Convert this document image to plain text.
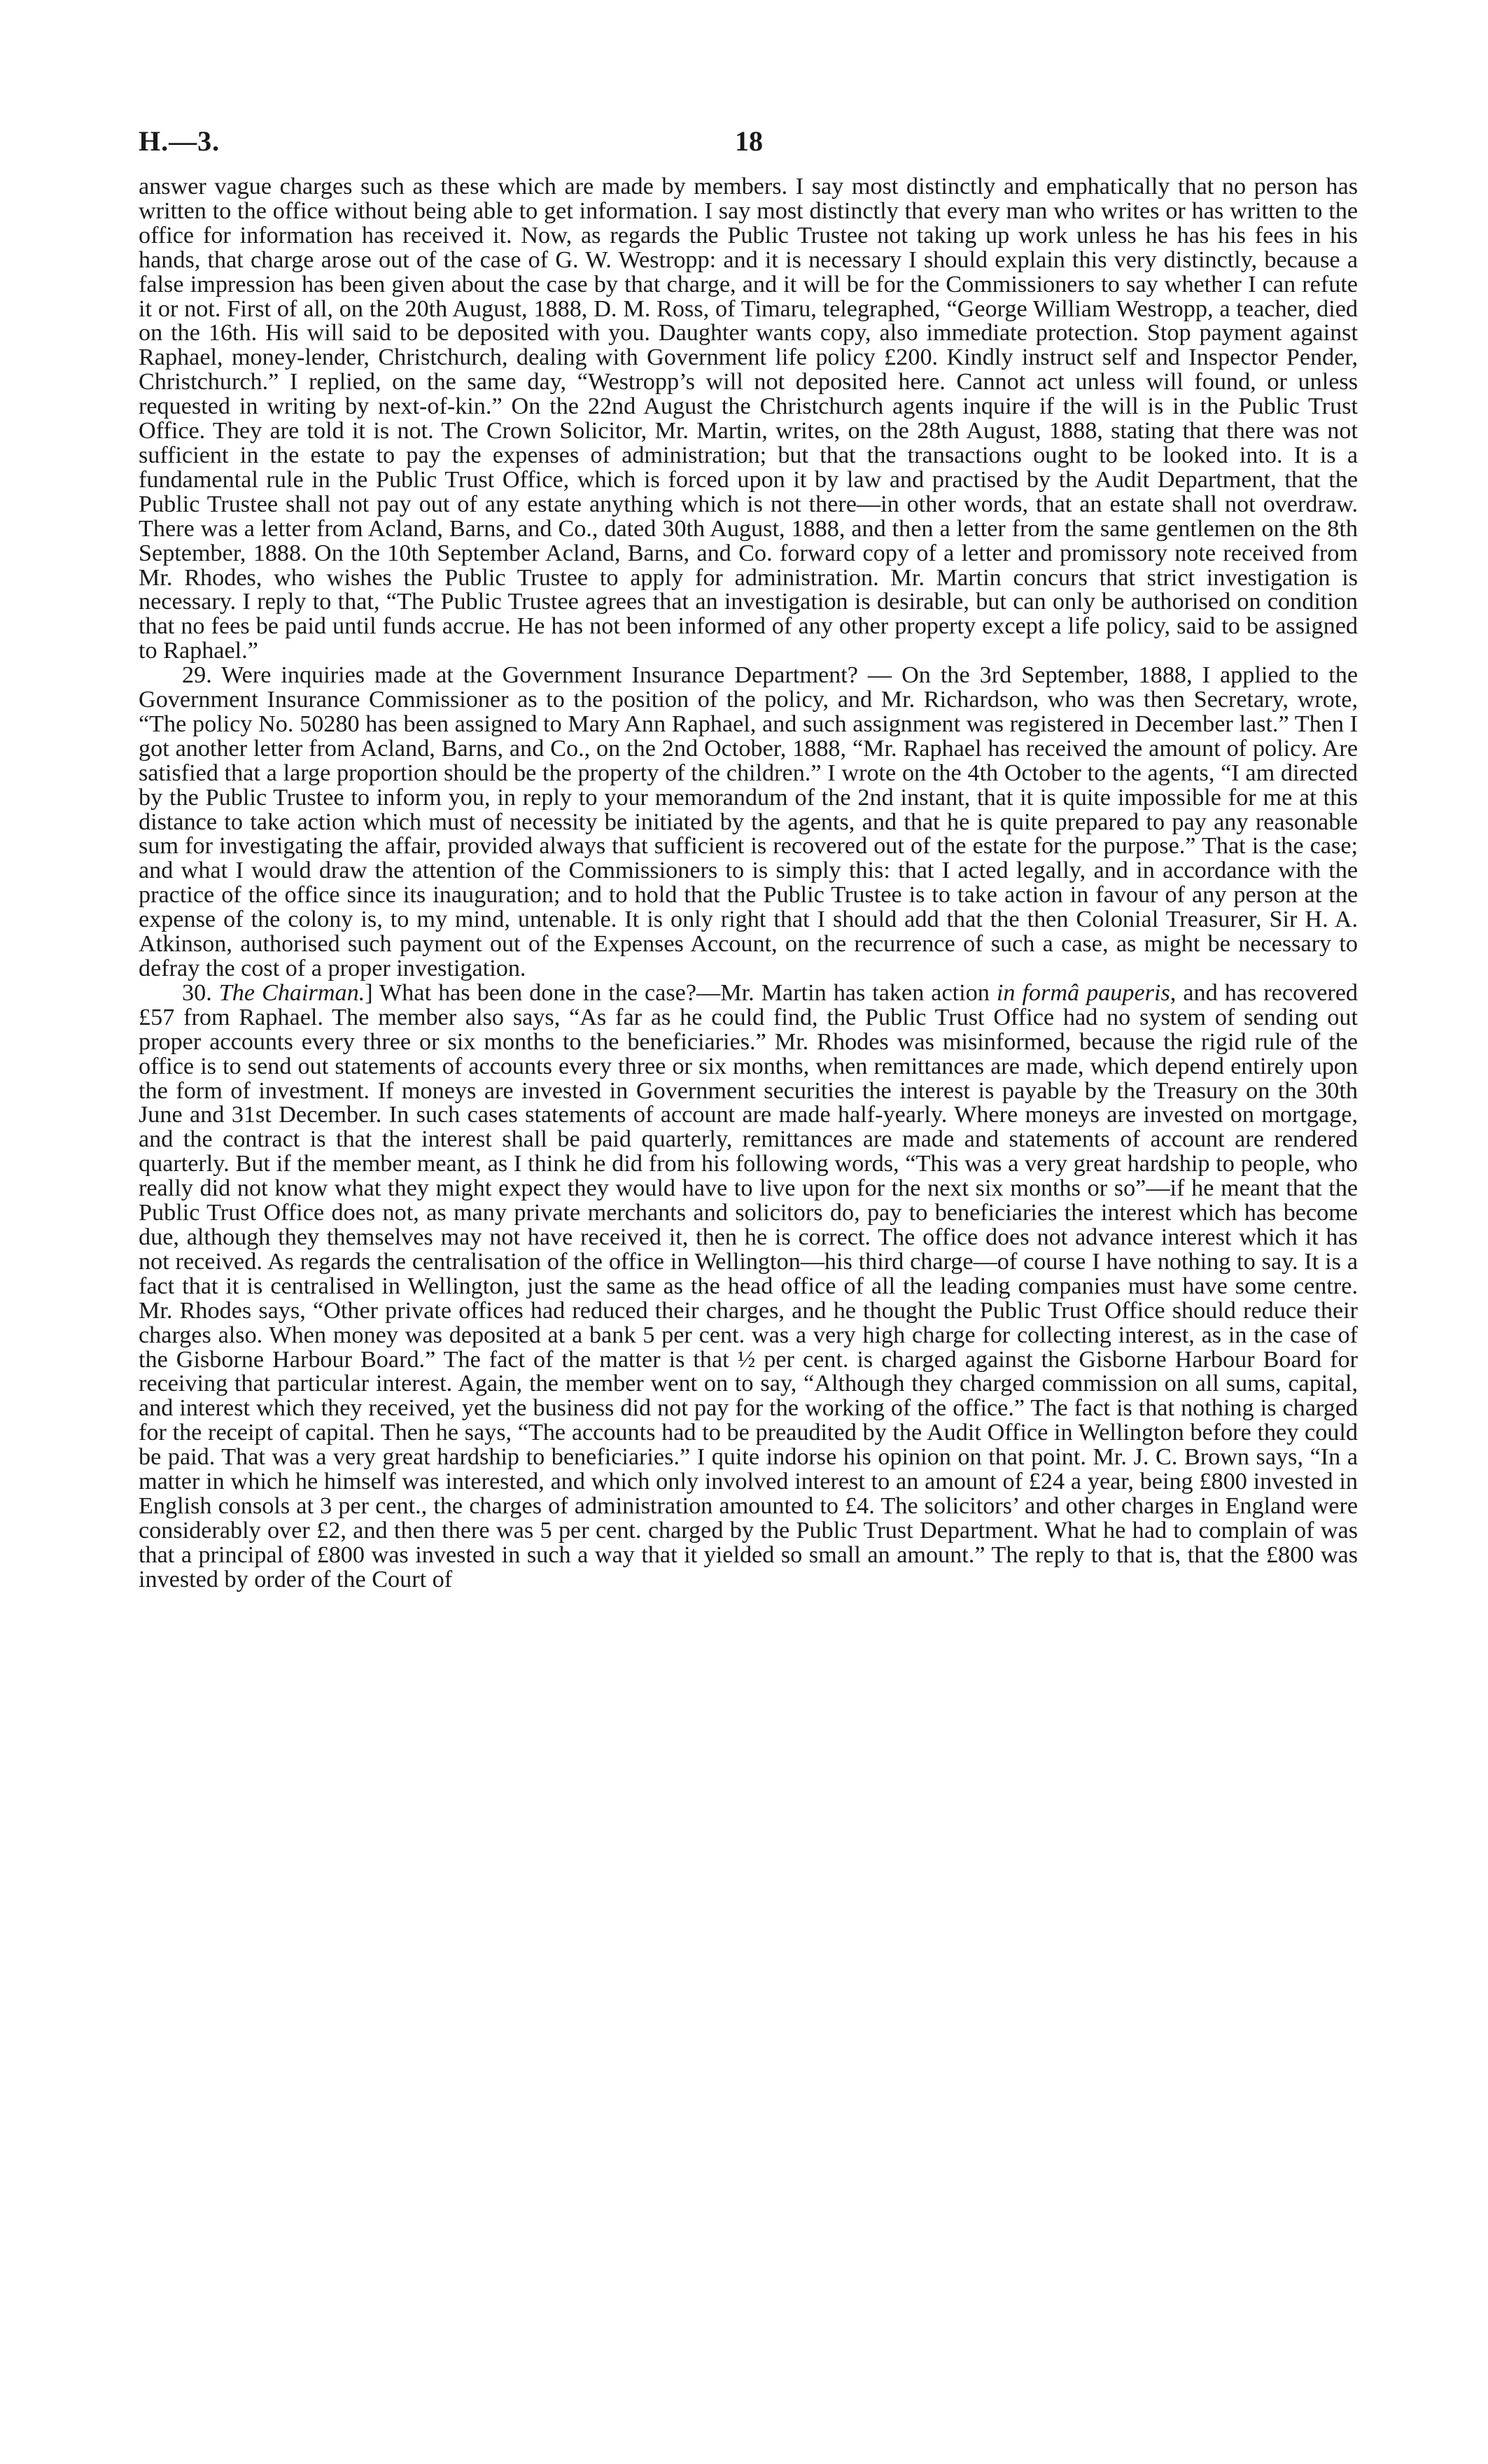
H.—3.	18

answer vague charges such as these which are made by members. I say most distinctly and emphatically that no person has written to the office without being able to get information. I say most distinctly that every man who writes or has written to the office for information has received it. Now, as regards the Public Trustee not taking up work unless he has his fees in his hands, that charge arose out of the case of G. W. Westropp: and it is necessary I should explain this very distinctly, because a false impression has been given about the case by that charge, and it will be for the Commissioners to say whether I can refute it or not. First of all, on the 20th August, 1888, D. M. Ross, of Timaru, telegraphed, “George William Westropp, a teacher, died on the 16th. His will said to be deposited with you. Daughter wants copy, also immediate protection. Stop payment against Raphael, money-lender, Christchurch, dealing with Government life policy £200. Kindly instruct self and Inspector Pender, Christchurch.” I replied, on the same day, “Westropp’s will not deposited here. Cannot act unless will found, or unless requested in writing by next-of-kin.” On the 22nd August the Christchurch agents inquire if the will is in the Public Trust Office. They are told it is not. The Crown Solicitor, Mr. Martin, writes, on the 28th August, 1888, stating that there was not sufficient in the estate to pay the expenses of administration; but that the transactions ought to be looked into. It is a fundamental rule in the Public Trust Office, which is forced upon it by law and practised by the Audit Department, that the Public Trustee shall not pay out of any estate anything which is not there—in other words, that an estate shall not overdraw. There was a letter from Acland, Barns, and Co., dated 30th August, 1888, and then a letter from the same gentlemen on the 8th September, 1888. On the 10th September Acland, Barns, and Co. forward copy of a letter and promissory note received from Mr. Rhodes, who wishes the Public Trustee to apply for administration. Mr. Martin concurs that strict investigation is necessary. I reply to that, “The Public Trustee agrees that an investigation is desirable, but can only be authorised on condition that no fees be paid until funds accrue. He has not been informed of any other property except a life policy, said to be assigned to Raphael.”

29. Were inquiries made at the Government Insurance Department? — On the 3rd September, 1888, I applied to the Government Insurance Commissioner as to the position of the policy, and Mr. Richardson, who was then Secretary, wrote, “The policy No. 50280 has been assigned to Mary Ann Raphael, and such assignment was registered in December last.” Then I got another letter from Acland, Barns, and Co., on the 2nd October, 1888, “Mr. Raphael has received the amount of policy. Are satisfied that a large proportion should be the property of the children.” I wrote on the 4th October to the agents, “I am directed by the Public Trustee to inform you, in reply to your memorandum of the 2nd instant, that it is quite impossible for me at this distance to take action which must of necessity be initiated by the agents, and that he is quite prepared to pay any reasonable sum for investigating the affair, provided always that sufficient is recovered out of the estate for the purpose.” That is the case; and what I would draw the attention of the Commissioners to is simply this: that I acted legally, and in accordance with the practice of the office since its inauguration; and to hold that the Public Trustee is to take action in favour of any person at the expense of the colony is, to my mind, untenable. It is only right that I should add that the then Colonial Treasurer, Sir H. A. Atkinson, authorised such payment out of the Expenses Account, on the recurrence of such a case, as might be necessary to defray the cost of a proper investigation.

30. The Chairman.] What has been done in the case?—Mr. Martin has taken action in formâ pauperis, and has recovered £57 from Raphael. The member also says, “As far as he could find, the Public Trust Office had no system of sending out proper accounts every three or six months to the beneficiaries.” Mr. Rhodes was misinformed, because the rigid rule of the office is to send out statements of accounts every three or six months, when remittances are made, which depend entirely upon the form of investment. If moneys are invested in Government securities the interest is payable by the Treasury on the 30th June and 31st December. In such cases statements of account are made half-yearly. Where moneys are invested on mortgage, and the contract is that the interest shall be paid quarterly, remittances are made and statements of account are rendered quarterly. But if the member meant, as I think he did from his following words, “This was a very great hardship to people, who really did not know what they might expect they would have to live upon for the next six months or so”—if he meant that the Public Trust Office does not, as many private merchants and solicitors do, pay to beneficiaries the interest which has become due, although they themselves may not have received it, then he is correct. The office does not advance interest which it has not received. As regards the centralisation of the office in Wellington—his third charge—of course I have nothing to say. It is a fact that it is centralised in Wellington, just the same as the head office of all the leading companies must have some centre. Mr. Rhodes says, “Other private offices had reduced their charges, and he thought the Public Trust Office should reduce their charges also. When money was deposited at a bank 5 per cent. was a very high charge for collecting interest, as in the case of the Gisborne Harbour Board.” The fact of the matter is that ½ per cent. is charged against the Gisborne Harbour Board for receiving that particular interest. Again, the member went on to say, “Although they charged commission on all sums, capital, and interest which they received, yet the business did not pay for the working of the office.” The fact is that nothing is charged for the receipt of capital. Then he says, “The accounts had to be preaudited by the Audit Office in Wellington before they could be paid. That was a very great hardship to beneficiaries.” I quite indorse his opinion on that point. Mr. J. C. Brown says, “In a matter in which he himself was interested, and which only involved interest to an amount of £24 a year, being £800 invested in English consols at 3 per cent., the charges of administration amounted to £4. The solicitors’ and other charges in England were considerably over £2, and then there was 5 per cent. charged by the Public Trust Department. What he had to complain of was that a principal of £800 was invested in such a way that it yielded so small an amount.” The reply to that is, that the £800 was invested by order of the Court of
